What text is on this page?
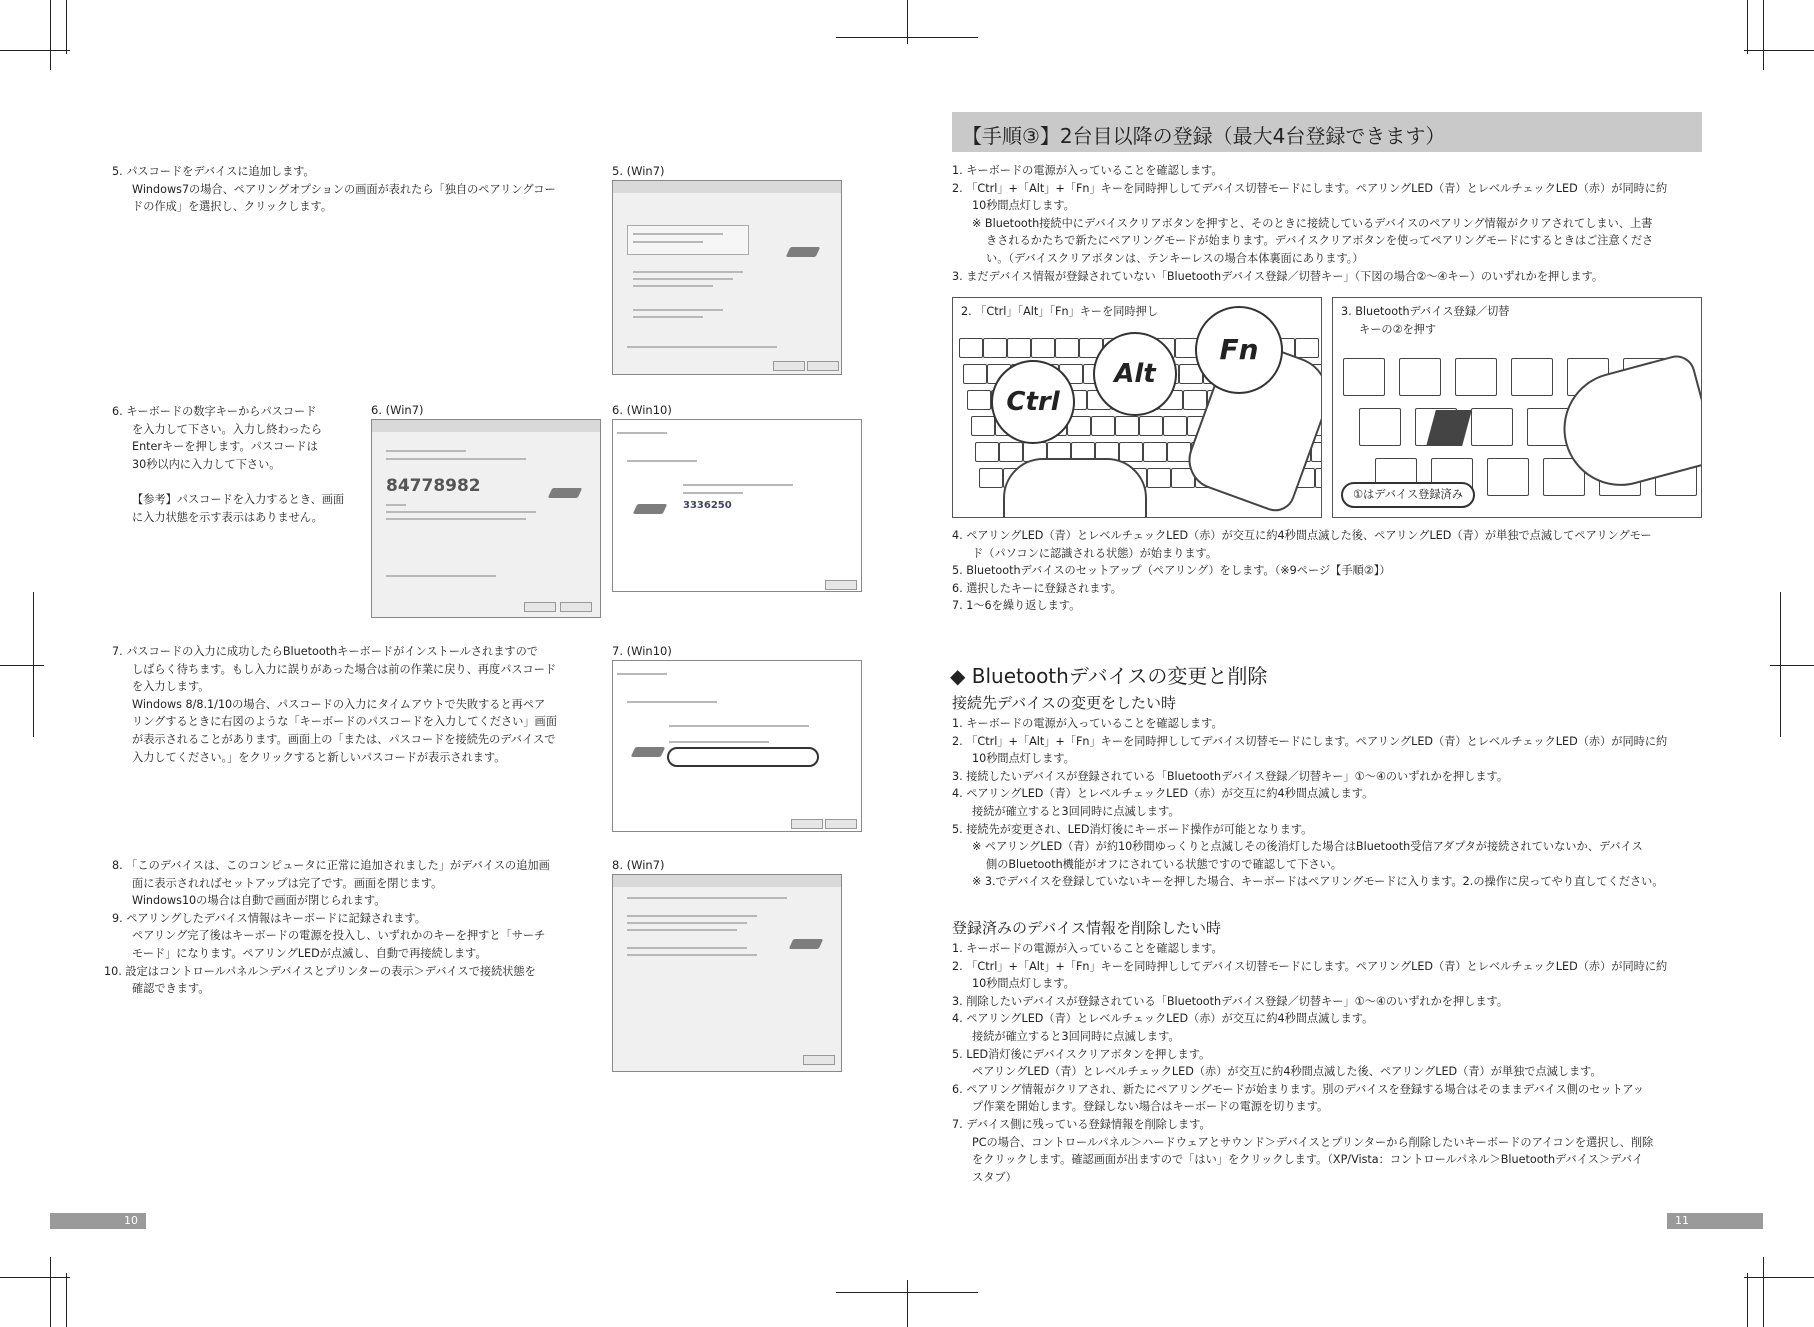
5. パスコードをデバイスに追加します。
Windows7の場合、ペアリングオプションの画面が表れたら「独自のペアリングコー
ドの作成」を選択し、クリックします。
5. (Win7)
6. キーボードの数字キーからパスコード
を入力して下さい。入力し終わったら
Enterキーを押します。パスコードは
30秒以内に入力して下さい。
【参考】パスコードを入力するとき、画面
に入力状態を示す表示はありません。
6. (Win7)
84778982
6. (Win10)
3336250
7. パスコードの入力に成功したらBluetoothキーボードがインストールされますので
しばらく待ちます。もし入力に誤りがあった場合は前の作業に戻り、再度パスコード
を入力します。
Windows 8/8.1/10の場合、パスコードの入力にタイムアウトで失敗すると再ペア
リングするときに右図のような「キーボードのパスコードを入力してください」画面
が表示されることがあります。画面上の「または、パスコードを接続先のデバイスで
入力してください。」をクリックすると新しいパスコードが表示されます。
7. (Win10)
8. 「このデバイスは、このコンピュータに正常に追加されました」がデバイスの追加画
面に表示されればセットアップは完了です。画面を閉じます。
Windows10の場合は自動で画面が閉じられます。
9. ペアリングしたデバイス情報はキーボードに記録されます。
ペアリング完了後はキーボードの電源を投入し、いずれかのキーを押すと「サーチ
モード」になります。ペアリングLEDが点滅し、自動で再接続します。
10. 設定はコントロールパネル＞デバイスとプリンターの表示＞デバイスで接続状態を
確認できます。
8. (Win7)
10
【手順③】2台目以降の登録（最大4台登録できます）
1. キーボードの電源が入っていることを確認します。
2. 「Ctrl」+「Alt」+「Fn」キーを同時押ししてデバイス切替モードにします。ペアリングLED（青）とレベルチェックLED（赤）が同時に約
10秒間点灯します。
※ Bluetooth接続中にデバイスクリアボタンを押すと、そのときに接続しているデバイスのペアリング情報がクリアされてしまい、上書
きされるかたちで新たにペアリングモードが始まります。デバイスクリアボタンを使ってペアリングモードにするときはご注意くださ
い。（デバイスクリアボタンは、テンキーレスの場合本体裏面にあります。）
3. まだデバイス情報が登録されていない「Bluetoothデバイス登録／切替キー」（下図の場合②～④キー）のいずれかを押します。
2. 「Ctrl」「Alt」「Fn」キーを同時押し
Ctrl
Alt
Fn
3. Bluetoothデバイス登録／切替
キーの②を押す
①はデバイス登録済み
4. ペアリングLED（青）とレベルチェックLED（赤）が交互に約4秒間点滅した後、ペアリングLED（青）が単独で点滅してペアリングモー
ド（パソコンに認識される状態）が始まります。
5. Bluetoothデバイスのセットアップ（ペアリング）をします。（※9ページ【手順②】）
6. 選択したキーに登録されます。
7. 1～6を繰り返します。
◆ Bluetoothデバイスの変更と削除
接続先デバイスの変更をしたい時
1. キーボードの電源が入っていることを確認します。
2. 「Ctrl」+「Alt」+「Fn」キーを同時押ししてデバイス切替モードにします。ペアリングLED（青）とレベルチェックLED（赤）が同時に約
10秒間点灯します。
3. 接続したいデバイスが登録されている「Bluetoothデバイス登録／切替キー」①～④のいずれかを押します。
4. ペアリングLED（青）とレベルチェックLED（赤）が交互に約4秒間点滅します。
接続が確立すると3回同時に点滅します。
5. 接続先が変更され、LED消灯後にキーボード操作が可能となります。
※ ペアリングLED（青）が約10秒間ゆっくりと点滅しその後消灯した場合はBluetooth受信アダプタが接続されていないか、デバイス
側のBluetooth機能がオフにされている状態ですので確認して下さい。
※ 3.でデバイスを登録していないキーを押した場合、キーボードはペアリングモードに入ります。2.の操作に戻ってやり直してください。
登録済みのデバイス情報を削除したい時
1. キーボードの電源が入っていることを確認します。
2. 「Ctrl」+「Alt」+「Fn」キーを同時押ししてデバイス切替モードにします。ペアリングLED（青）とレベルチェックLED（赤）が同時に約
10秒間点灯します。
3. 削除したいデバイスが登録されている「Bluetoothデバイス登録／切替キー」①～④のいずれかを押します。
4. ペアリングLED（青）とレベルチェックLED（赤）が交互に約4秒間点滅します。
接続が確立すると3回同時に点滅します。
5. LED消灯後にデバイスクリアボタンを押します。
ペアリングLED（青）とレベルチェックLED（赤）が交互に約4秒間点滅した後、ペアリングLED（青）が単独で点滅します。
6. ペアリング情報がクリアされ、新たにペアリングモードが始まります。別のデバイスを登録する場合はそのままデバイス側のセットアッ
プ作業を開始します。登録しない場合はキーボードの電源を切ります。
7. デバイス側に残っている登録情報を削除します。
PCの場合、コントロールパネル＞ハードウェアとサウンド＞デバイスとプリンターから削除したいキーボードのアイコンを選択し、削除
をクリックします。確認画面が出ますので「はい」をクリックします。（XP/Vista：コントロールパネル＞Bluetoothデバイス＞デバイ
スタブ）
11
